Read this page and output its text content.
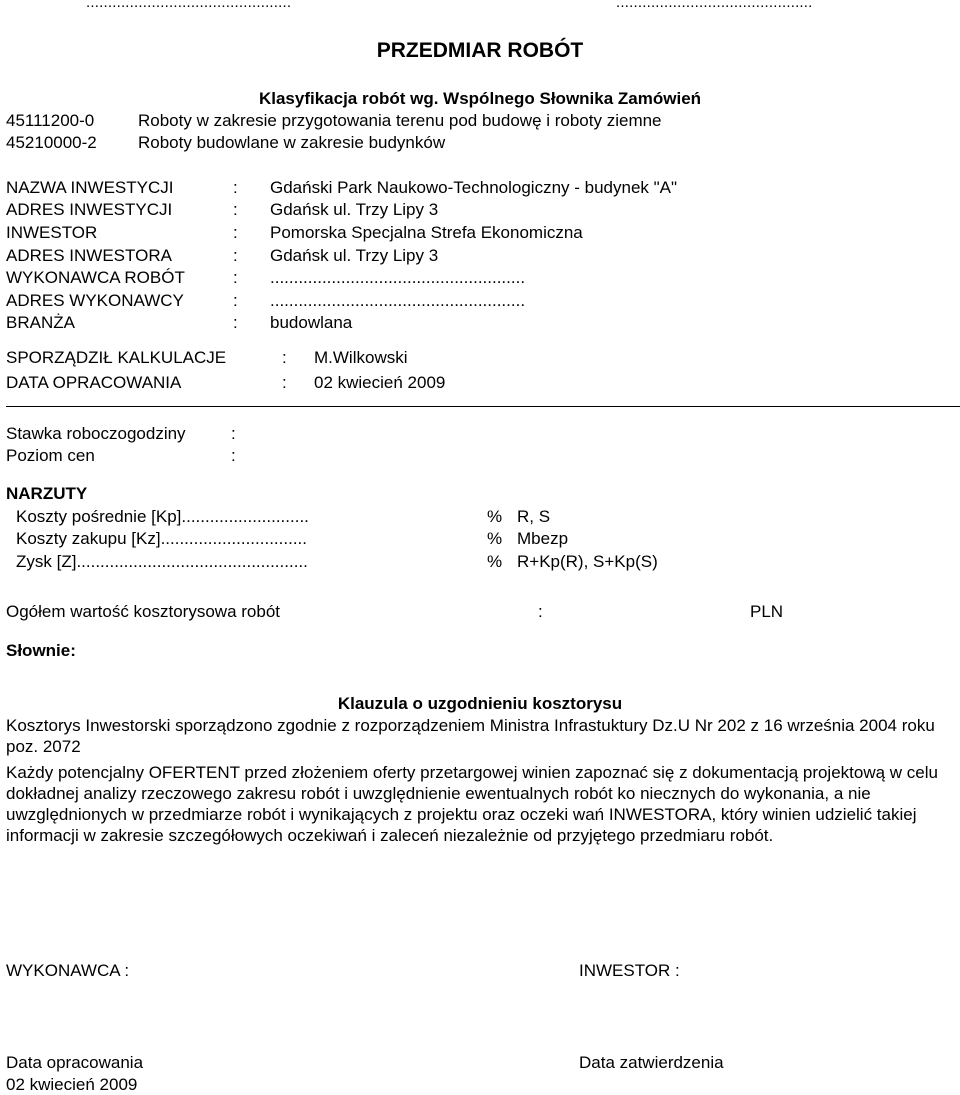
...............................................	.............................................
PRZEDMIAR ROBÓT
Klasyfikacja robót wg. Wspólnego Słownika Zamówień
45111200-0	Roboty w zakresie przygotowania terenu pod budowę i roboty ziemne
45210000-2 Roboty budowlane w zakresie budynków
NAZWA INWESTYCJI	: Gdański Park Naukowo-Technologiczny - budynek "A"
ADRES INWESTYCJI	: Gdańsk ul. Trzy Lipy 3
INWESTOR	: Pomorska Specjalna Strefa Ekonomiczna
ADRES INWESTORA	: Gdańsk ul. Trzy Lipy 3
WYKONAWCA ROBÓT	: ......................................................
ADRES WYKONAWCY	: ......................................................
BRANŻA	: budowlana
SPORZĄDZIŁ KALKULACJE	: M.Wilkowski
DATA OPRACOWANIA	: 02 kwiecień 2009
Stawka roboczogodziny	:
Poziom cen	:
NARZUTY
Koszty pośrednie [Kp]...........................	% R, S
Koszty zakupu [Kz]...............................	% Mbezp
Zysk [Z].................................................	% R+Kp(R), S+Kp(S)
Ogółem wartość kosztorysowa robót	:	PLN
Słownie:
Klauzula o uzgodnieniu kosztorysu
Kosztorys Inwestorski sporządzono zgodnie z rozporządzeniem Ministra Infrastuktury Dz.U Nr 202 z 16 września 2004 roku poz. 2072
Każdy potencjalny OFERTENT przed złożeniem oferty przetargowej winien zapoznać się z dokumentacją projektową w celu dokładnej analizy rzeczowego zakresu robót i uwzględnienie ewentualnych robót ko niecznych do wykonania, a nie uwzględnionych w przedmiarze robót i wynikających z projektu oraz oczeki wań INWESTORA, który winien udzielić takiej informacji w zakresie szczegółowych oczekiwań i zaleceń niezależnie od przyjętego przedmiaru robót.
WYKONAWCA :	INWESTOR :
Data opracowania	Data zatwierdzenia
02 kwiecień 2009
